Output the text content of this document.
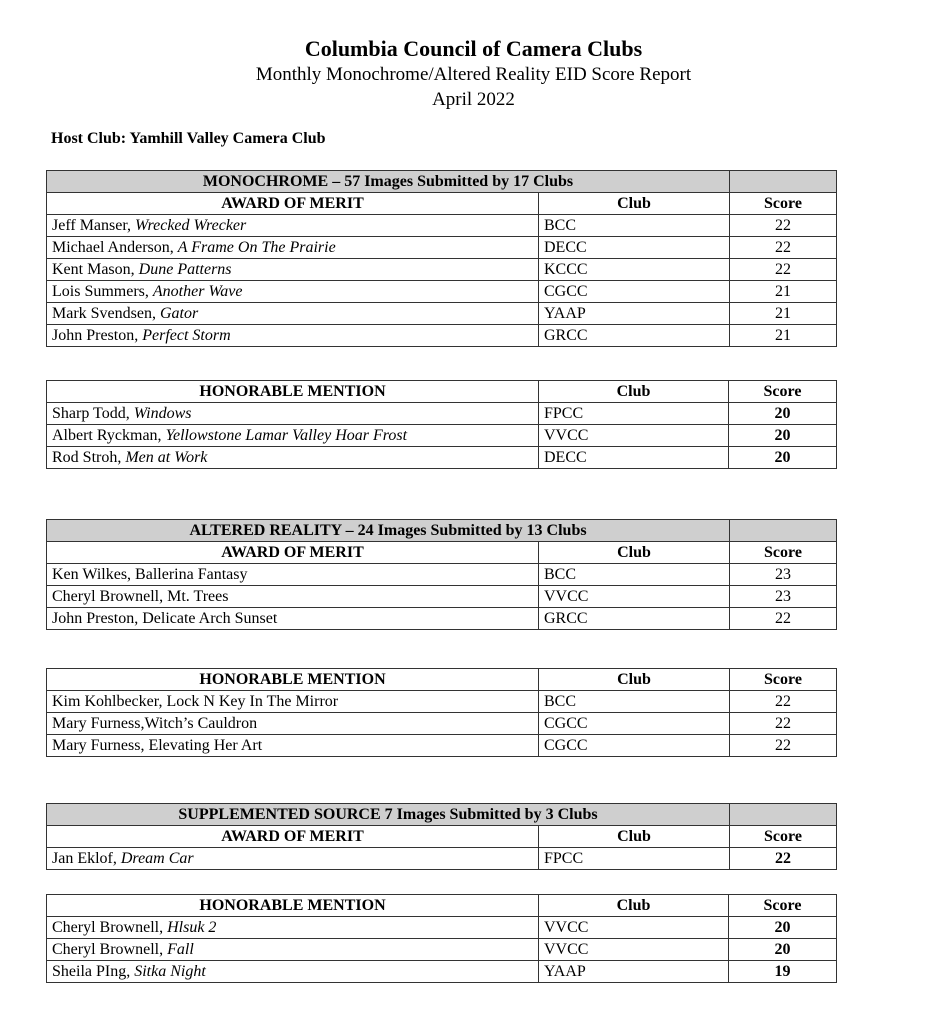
Columbia Council of Camera Clubs
Monthly Monochrome/Altered Reality EID Score Report
April 2022
Host Club: Yamhill Valley Camera Club
MONOCHROME – 57 Images Submitted by 17 Clubs		
AWARD OF MERIT	Club	Score
Jeff Manser, Wrecked Wrecker	BCC	22
Michael Anderson, A Frame On The Prairie	DECC	22
Kent Mason, Dune Patterns	KCCC	22
Lois Summers, Another Wave	CGCC	21
Mark Svendsen, Gator	YAAP	21
John Preston, Perfect Storm	GRCC	21
HONORABLE MENTION	Club	Score
Sharp Todd, Windows	FPCC	20
Albert Ryckman, Yellowstone Lamar Valley Hoar Frost	VVCC	20
Rod Stroh, Men at Work	DECC	20
ALTERED REALITY – 24 Images Submitted by 13 Clubs		
AWARD OF MERIT	Club	Score
Ken Wilkes, Ballerina Fantasy	BCC	23
Cheryl Brownell, Mt. Trees	VVCC	23
John Preston, Delicate Arch Sunset	GRCC	22
HONORABLE MENTION	Club	Score
Kim Kohlbecker, Lock N Key In The Mirror	BCC	22
Mary Furness,Witch’s Cauldron	CGCC	22
Mary Furness, Elevating Her Art	CGCC	22
SUPPLEMENTED SOURCE 7 Images Submitted by 3 Clubs		
AWARD OF MERIT	Club	Score
Jan Eklof, Dream Car	FPCC	22
HONORABLE MENTION	Club	Score
Cheryl Brownell, Hlsuk 2	VVCC	20
Cheryl Brownell, Fall	VVCC	20
Sheila PIng, Sitka Night	YAAP	19
